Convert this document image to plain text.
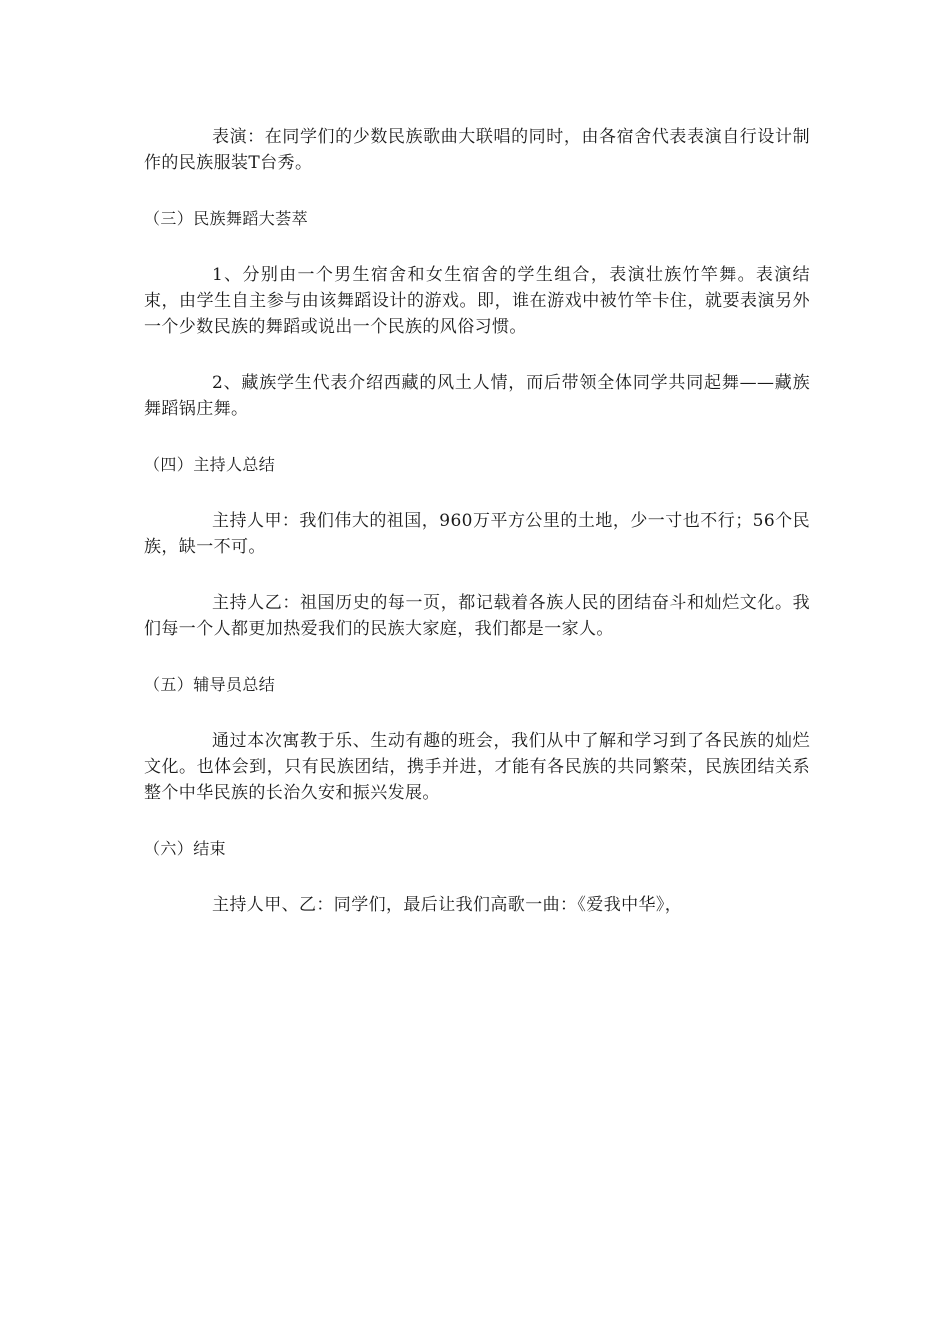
表演：在同学们的少数民族歌曲大联唱的同时，由各宿舍代表表演自行设计制作的民族服装T台秀。

（三）民族舞蹈大荟萃

1、分别由一个男生宿舍和女生宿舍的学生组合，表演壮族竹竿舞。表演结束，由学生自主参与由该舞蹈设计的游戏。即，谁在游戏中被竹竿卡住，就要表演另外一个少数民族的舞蹈或说出一个民族的风俗习惯。

2、藏族学生代表介绍西藏的风土人情，而后带领全体同学共同起舞——藏族舞蹈锅庄舞。

（四）主持人总结

主持人甲：我们伟大的祖国，960万平方公里的土地，少一寸也不行；56个民族，缺一不可。

主持人乙：祖国历史的每一页，都记载着各族人民的团结奋斗和灿烂文化。我们每一个人都更加热爱我们的民族大家庭，我们都是一家人。

（五）辅导员总结

通过本次寓教于乐、生动有趣的班会，我们从中了解和学习到了各民族的灿烂文化。也体会到，只有民族团结，携手并进，才能有各民族的共同繁荣，民族团结关系整个中华民族的长治久安和振兴发展。

（六）结束

主持人甲、乙：同学们，最后让我们高歌一曲：《爱我中华》，
